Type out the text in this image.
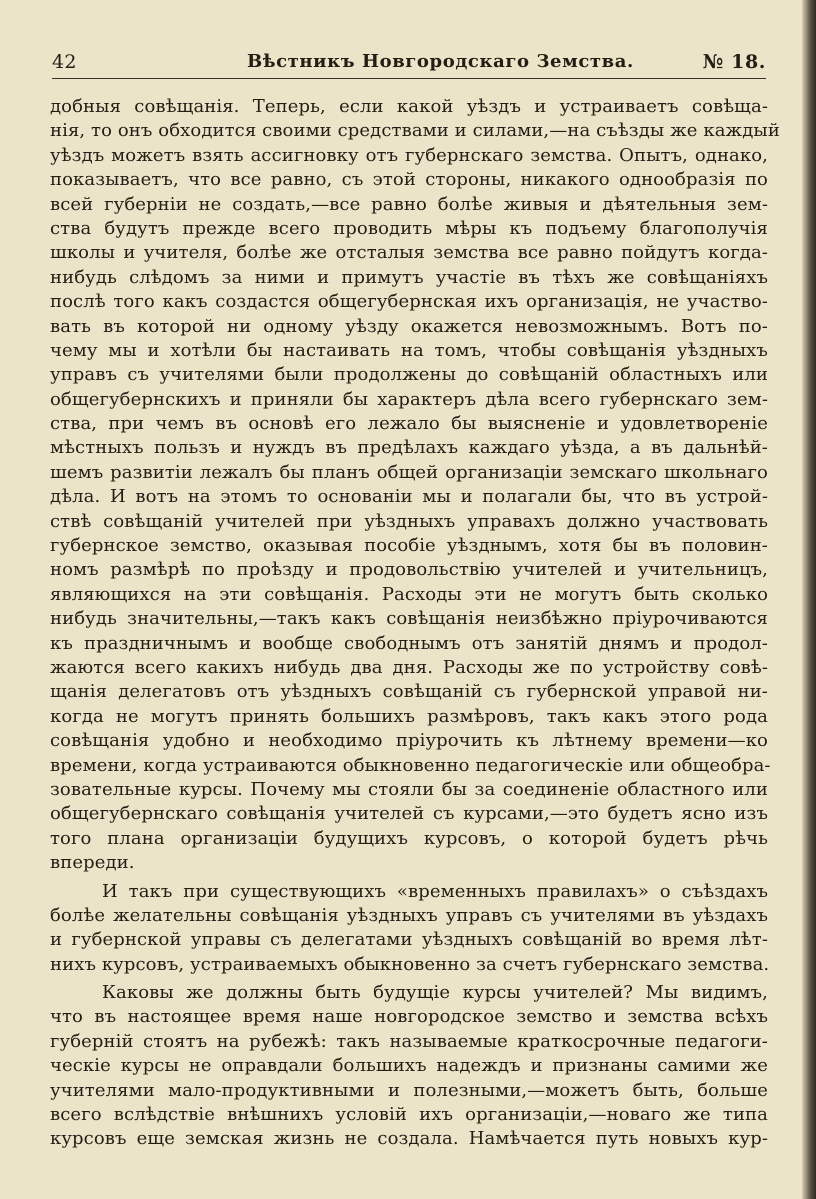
42	Вѣстникъ Новгородскаго Земства.	№ 18.
добныя совѣщанія. Теперь, если какой уѣздъ и устраиваетъ совѣща-
нія, то онъ обходится своими средствами и силами,—на съѣзды же каждый
уѣздъ можетъ взять ассигновку отъ губернскаго земства. Опытъ, однако,
показываетъ, что все равно, съ этой стороны, никакого однообразія по
всей губерніи не создать,—все равно болѣе живыя и дѣятельныя зем-
ства будутъ прежде всего проводить мѣры къ подъему благополучія
школы и учителя, болѣе же отсталыя земства все равно пойдутъ когда-
нибудь слѣдомъ за ними и примутъ участіе въ тѣхъ же совѣщаніяхъ
послѣ того какъ создастся общегубернская ихъ организація, не участво-
вать въ которой ни одному уѣзду окажется невозможнымъ. Вотъ по-
чему мы и хотѣли бы настаивать на томъ, чтобы совѣщанія уѣздныхъ
управъ съ учителями были продолжены до совѣщаній областныхъ или
общегубернскихъ и приняли бы характеръ дѣла всего губернскаго зем-
ства, при чемъ въ основѣ его лежало бы выясненіе и удовлетвореніе
мѣстныхъ пользъ и нуждъ въ предѣлахъ каждаго уѣзда, а въ дальнѣй-
шемъ развитіи лежалъ бы планъ общей организаціи земскаго школьнаго
дѣла. И вотъ на этомъ то основаніи мы и полагали бы, что въ устрой-
ствѣ совѣщаній учителей при уѣздныхъ управахъ должно участвовать
губернское земство, оказывая пособіе уѣзднымъ, хотя бы въ половин-
номъ размѣрѣ по проѣзду и продовольствію учителей и учительницъ,
являющихся на эти совѣщанія. Расходы эти не могутъ быть сколько
нибудь значительны,—такъ какъ совѣщанія неизбѣжно пріурочиваются
къ праздничнымъ и вообще свободнымъ отъ занятій днямъ и продол-
жаются всего какихъ нибудь два дня. Расходы же по устройству совѣ-
щанія делегатовъ отъ уѣздныхъ совѣщаній съ губернской управой ни-
когда не могутъ принять большихъ размѣровъ, такъ какъ этого рода
совѣщанія удобно и необходимо пріурочить къ лѣтнему времени—ко
времени, когда устраиваются обыкновенно педагогическіе или общеобра-
зовательные курсы. Почему мы стояли бы за соединеніе областного или
общегубернскаго совѣщанія учителей съ курсами,—это будетъ ясно изъ
того плана организаціи будущихъ курсовъ, о которой будетъ рѣчь
впереди.
И такъ при существующихъ «временныхъ правилахъ» о съѣздахъ
болѣе желательны совѣщанія уѣздныхъ управъ съ учителями въ уѣздахъ
и губернской управы съ делегатами уѣздныхъ совѣщаній во время лѣт-
нихъ курсовъ, устраиваемыхъ обыкновенно за счетъ губернскаго земства.
Каковы же должны быть будущіе курсы учителей? Мы видимъ,
что въ настоящее время наше новгородское земство и земства всѣхъ
губерній стоятъ на рубежѣ: такъ называемые краткосрочные педагоги-
ческіе курсы не оправдали большихъ надеждъ и признаны самими же
учителями мало-продуктивными и полезными,—можетъ быть, больше
всего вслѣдствіе внѣшнихъ условій ихъ организаціи,—новаго же типа
курсовъ еще земская жизнь не создала. Намѣчается путь новыхъ кур-
